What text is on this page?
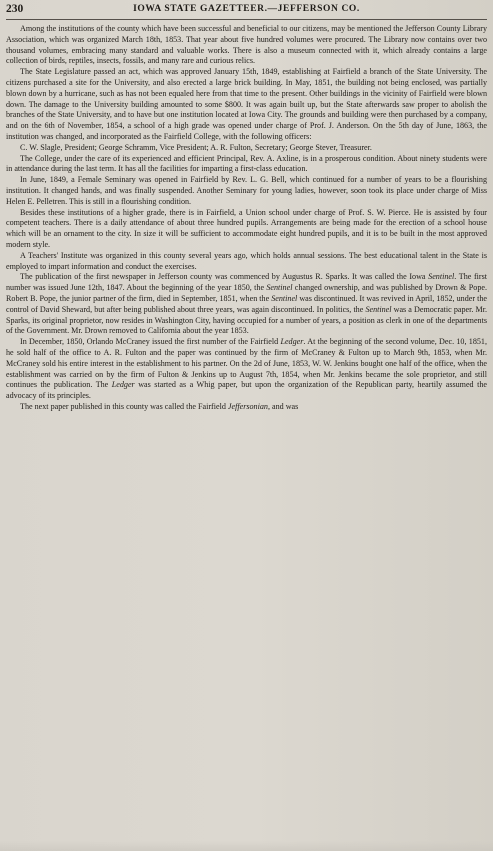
230	IOWA STATE GAZETTEER.—JEFFERSON CO.

Among the institutions of the county which have been successful and beneficial to our citizens, may be mentioned the Jefferson County Library Association, which was organized March 18th, 1853. That year about five hundred volumes were procured. The Library now contains over two thousand volumes, embracing many standard and valuable works. There is also a museum connected with it, which already contains a large collection of birds, reptiles, insects, fossils, and many rare and curious relics.

The State Legislature passed an act, which was approved January 15th, 1849, establishing at Fairfield a branch of the State University. The citizens purchased a site for the University, and also erected a large brick building. In May, 1851, the building not being enclosed, was partially blown down by a hurricane, such as has not been equaled here from that time to the present. Other buildings in the vicinity of Fairfield were blown down. The damage to the University building amounted to some $800. It was again built up, but the State afterwards saw proper to abolish the branches of the State University, and to have but one institution located at Iowa City. The grounds and building were then purchased by a company, and on the 6th of November, 1854, a school of a high grade was opened under charge of Prof. J. Anderson. On the 5th day of June, 1863, the institution was changed, and incorporated as the Fairfield College, with the following officers:

C. W. Slagle, President; George Schramm, Vice President; A. R. Fulton, Secretary; George Stever, Treasurer.

The College, under the care of its experienced and efficient Principal, Rev. A. Axline, is in a prosperous condition. About ninety students were in attendance during the last term. It has all the facilities for imparting a first-class education.

In June, 1849, a Female Seminary was opened in Fairfield by Rev. L. G. Bell, which continued for a number of years to be a flourishing institution. It changed hands, and was finally suspended. Another Seminary for young ladies, however, soon took its place under charge of Miss Helen E. Pelletren. This is still in a flourishing condition.

Besides these institutions of a higher grade, there is in Fairfield, a Union school under charge of Prof. S. W. Pierce. He is assisted by four competent teachers. There is a daily attendance of about three hundred pupils. Arrangements are being made for the erection of a school house which will be an ornament to the city. In size it will be sufficient to accommodate eight hundred pupils, and it is to be built in the most approved modern style.

A Teachers' Institute was organized in this county several years ago, which holds annual sessions. The best educational talent in the State is employed to impart information and conduct the exercises.

The publication of the first newspaper in Jefferson county was commenced by Augustus R. Sparks. It was called the Iowa Sentinel. The first number was issued June 12th, 1847. About the beginning of the year 1850, the Sentinel changed ownership, and was published by Drown & Pope. Robert B. Pope, the junior partner of the firm, died in September, 1851, when the Sentinel was discontinued. It was revived in April, 1852, under the control of David Sheward, but after being published about three years, was again discontinued. In politics, the Sentinel was a Democratic paper. Mr. Sparks, its original proprietor, now resides in Washington City, having occupied for a number of years, a position as clerk in one of the departments of the Government. Mr. Drown removed to California about the year 1853.

In December, 1850, Orlando McCraney issued the first number of the Fairfield Ledger. At the beginning of the second volume, Dec. 10, 1851, he sold half of the office to A. R. Fulton and the paper was continued by the firm of McCraney & Fulton up to March 9th, 1853, when Mr. McCraney sold his entire interest in the establishment to his partner. On the 2d of June, 1853, W. W. Jenkins bought one half of the office, when the establishment was carried on by the firm of Fulton & Jenkins up to August 7th, 1854, when Mr. Jenkins became the sole proprietor, and still continues the publication. The Ledger was started as a Whig paper, but upon the organization of the Republican party, heartily assumed the advocacy of its principles.

The next paper published in this county was called the Fairfield Jeffersonian, and was
